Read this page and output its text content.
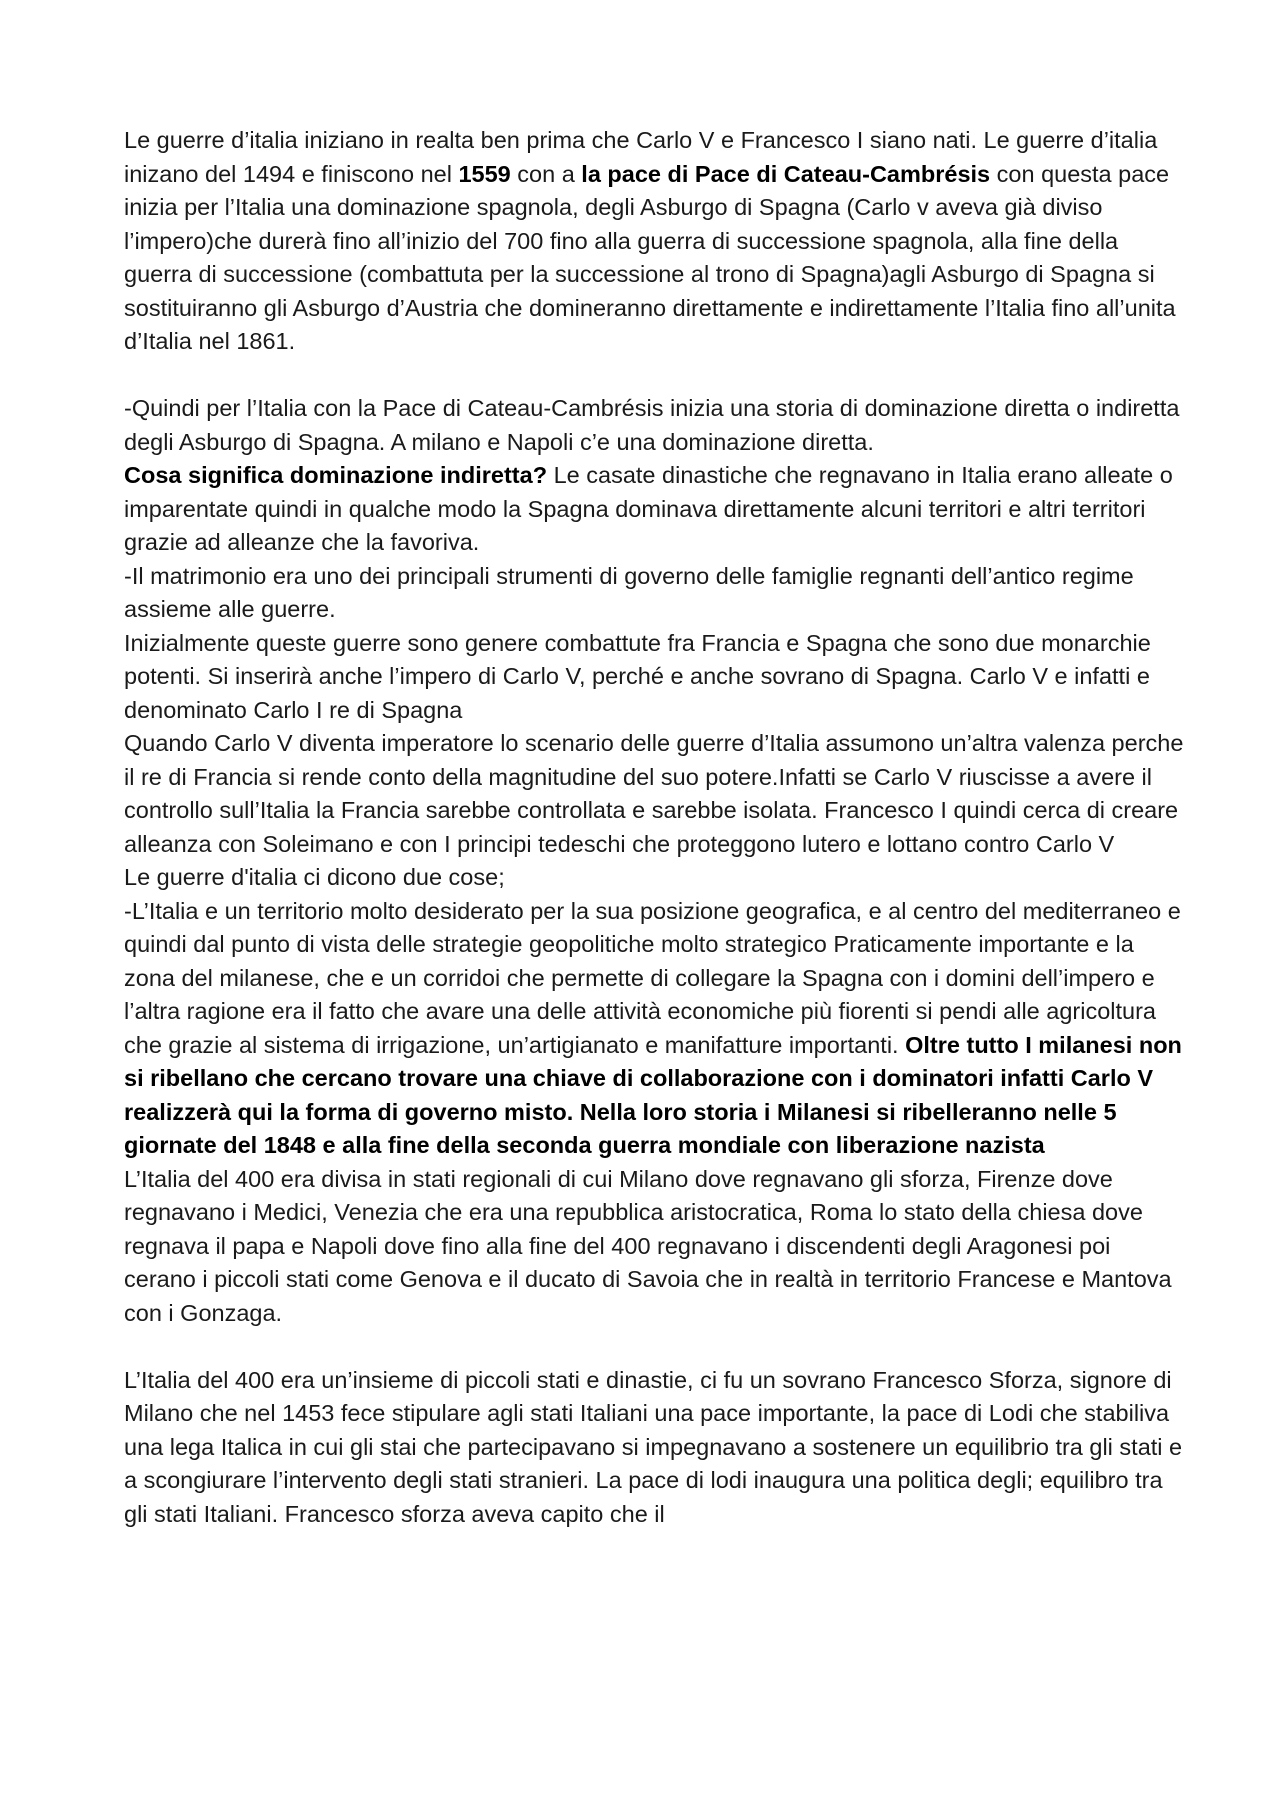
Le guerre d’italia iniziano in realta ben prima che Carlo V e Francesco I siano nati. Le guerre d’italia inizano del 1494 e finiscono nel 1559 con a la pace di Pace di Cateau-Cambrésis con questa pace inizia per l’Italia una dominazione spagnola, degli Asburgo di Spagna (Carlo v aveva già diviso l’impero)che durerà fino all’inizio del 700 fino alla guerra di successione spagnola, alla fine della guerra di successione (combattuta per la successione al trono di Spagna)agli Asburgo di Spagna si sostituiranno gli Asburgo d’Austria che domineranno direttamente e indirettamente l’Italia fino all’unita d’Italia nel 1861.

-Quindi per l’Italia con la Pace di Cateau-Cambrésis inizia una storia di dominazione diretta o indiretta degli Asburgo di Spagna. A milano e Napoli c’e una dominazione diretta.

Cosa significa dominazione indiretta? Le casate dinastiche che regnavano in Italia erano alleate o imparentate quindi in qualche modo la Spagna dominava direttamente alcuni territori e altri territori grazie ad alleanze che la favoriva.

-Il matrimonio era uno dei principali strumenti di governo delle famiglie regnanti dell’antico regime assieme alle guerre.

Inizialmente queste guerre sono genere combattute fra Francia e Spagna che sono due monarchie potenti. Si inserirà anche l’impero di Carlo V, perché e anche sovrano di Spagna. Carlo V e infatti e denominato Carlo I re di Spagna

Quando Carlo V diventa imperatore lo scenario delle guerre d’Italia assumono un’altra valenza perche il re di Francia si rende conto della magnitudine del suo potere.Infatti se Carlo V riuscisse a avere il controllo sull’Italia la Francia sarebbe controllata e sarebbe isolata. Francesco I quindi cerca di creare alleanza con Soleimano e con I principi tedeschi che proteggono lutero e lottano contro Carlo V

Le guerre d'italia ci dicono due cose;

-L’Italia e un territorio molto desiderato per la sua posizione geografica, e al centro del mediterraneo e quindi dal punto di vista delle strategie geopolitiche molto strategico Praticamente importante e la zona del milanese, che e un corridoi che permette di collegare la Spagna con i domini dell’impero e l’altra ragione era il fatto che avare una delle attività economiche più fiorenti si pendi alle agricoltura che grazie al sistema di irrigazione, un’artigianato e manifatture importanti. Oltre tutto I milanesi non si ribellano che cercano trovare una chiave di collaborazione con i dominatori infatti Carlo V realizzerà qui la forma di governo misto. Nella loro storia i Milanesi si ribelleranno nelle 5 giornate del 1848 e alla fine della seconda guerra mondiale con liberazione nazista

L’Italia del 400 era divisa in stati regionali di cui Milano dove regnavano gli sforza, Firenze dove regnavano i Medici, Venezia che era una repubblica aristocratica, Roma lo stato della chiesa dove regnava il papa e Napoli dove fino alla fine del 400 regnavano i discendenti degli Aragonesi poi cerano i piccoli stati come Genova e il ducato di Savoia che in realtà in territorio Francese e Mantova con i Gonzaga.

L’Italia del 400 era un’insieme di piccoli stati e dinastie, ci fu un sovrano Francesco Sforza, signore di Milano che nel 1453 fece stipulare agli stati Italiani una pace importante, la pace di Lodi che stabiliva una lega Italica in cui gli stai che partecipavano si impegnavano a sostenere un equilibrio tra gli stati e a scongiurare l’intervento degli stati stranieri. La pace di lodi inaugura una politica degli; equilibro tra gli stati Italiani. Francesco sforza aveva capito che il
